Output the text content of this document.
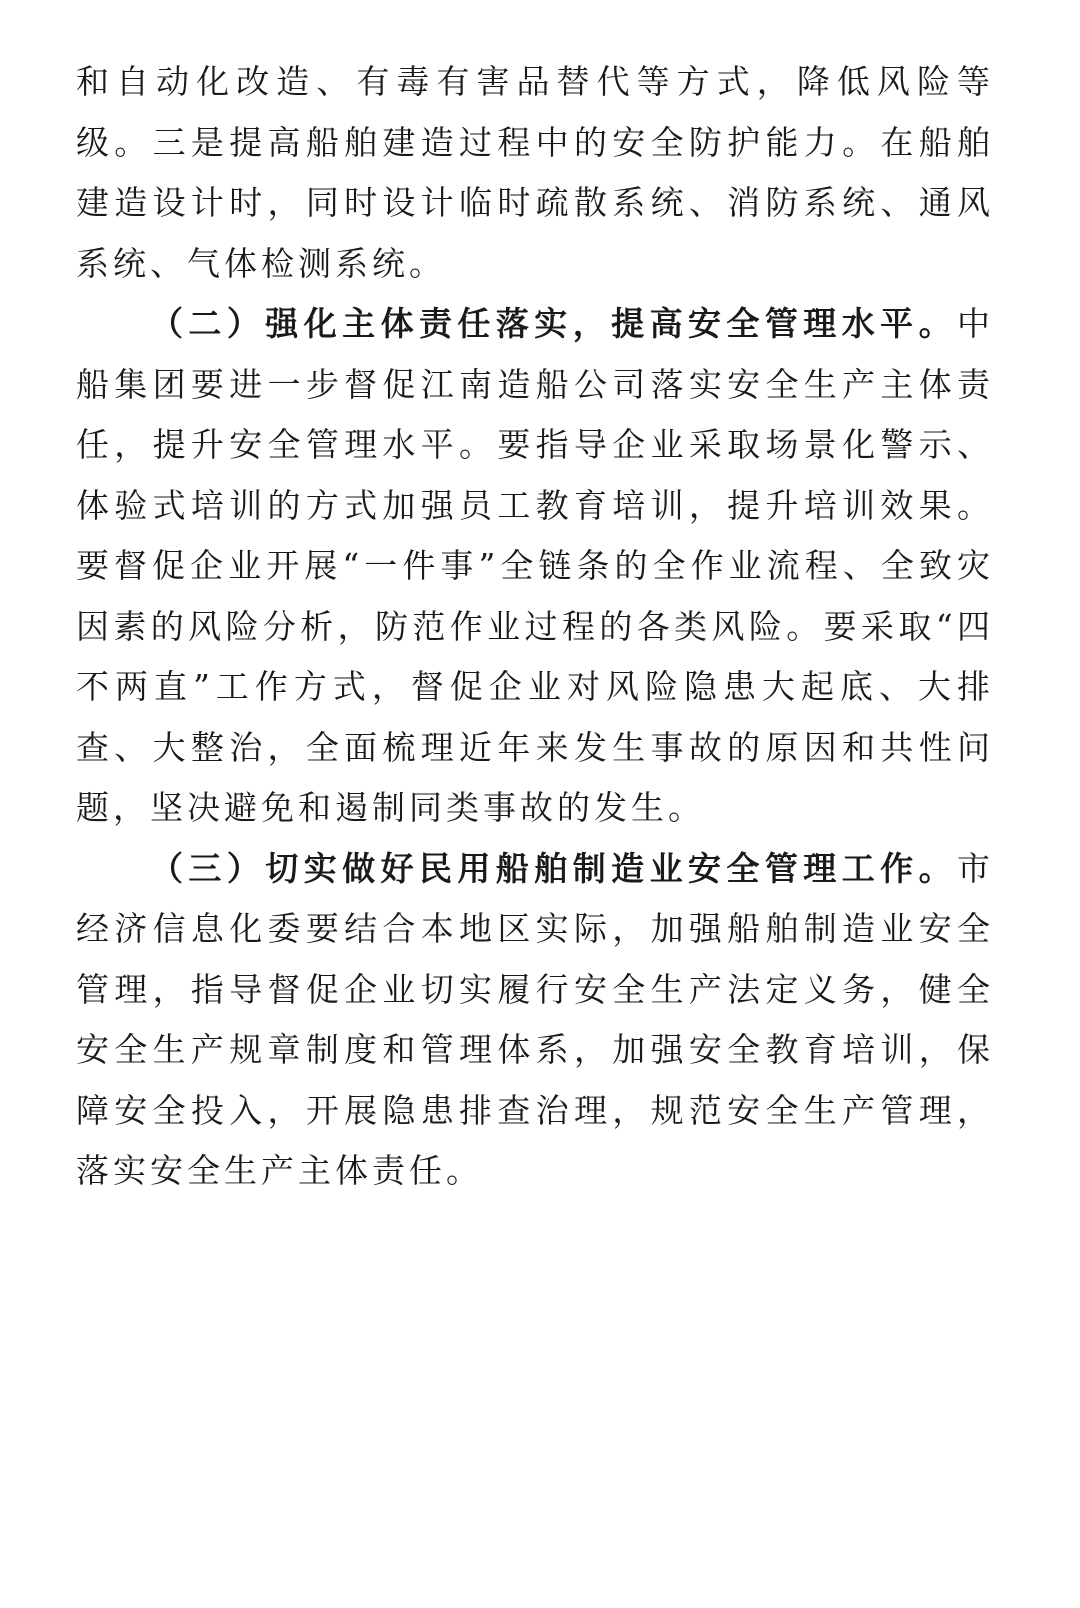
和自动化改造、有毒有害品替代等方式，降低风险等级。三是提高船舶建造过程中的安全防护能力。在船舶建造设计时，同时设计临时疏散系统、消防系统、通风系统、气体检测系统。

（二）强化主体责任落实，提高安全管理水平。中船集团要进一步督促江南造船公司落实安全生产主体责任，提升安全管理水平。要指导企业采取场景化警示、体验式培训的方式加强员工教育培训，提升培训效果。要督促企业开展“一件事”全链条的全作业流程、全致灾因素的风险分析，防范作业过程的各类风险。要采取“四不两直”工作方式，督促企业对风险隐患大起底、大排查、大整治，全面梳理近年来发生事故的原因和共性问题，坚决避免和遏制同类事故的发生。

（三）切实做好民用船舶制造业安全管理工作。市经济信息化委要结合本地区实际，加强船舶制造业安全管理，指导督促企业切实履行安全生产法定义务，健全安全生产规章制度和管理体系，加强安全教育培训，保障安全投入，开展隐患排查治理，规范安全生产管理，落实安全生产主体责任。
